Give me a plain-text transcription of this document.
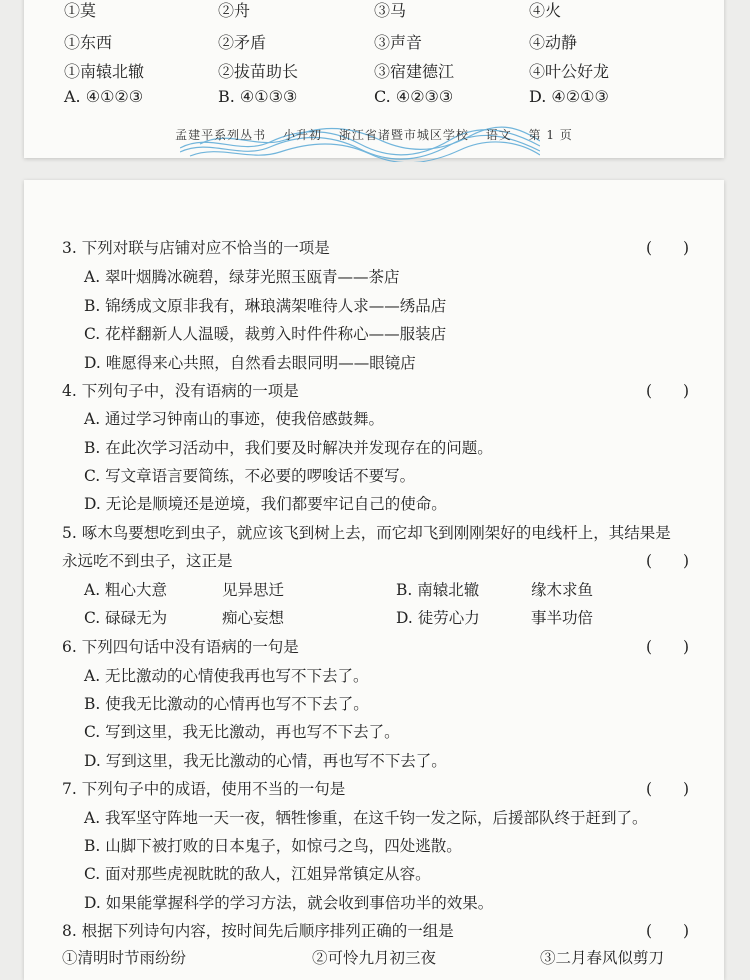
①莫	②舟	③马	④火
①东西	②矛盾	③声音	④动静
①南辕北辙	②拔苗助长	③宿建德江	④叶公好龙
A. ④①②③	B. ④①③③	C. ④②③③	D. ④②①③
孟建平系列丛书 小升初 浙江省诸暨市城区学校 语文 第 1 页
3. 下列对联与店铺对应不恰当的一项是	(　　)
A. 翠叶烟腾冰碗碧，绿芽光照玉瓯青——茶店
B. 锦绣成文原非我有，琳琅满架唯待人求——绣品店
C. 花样翻新人人温暖，裁剪入时件件称心——服装店
D. 唯愿得来心共照，自然看去眼同明——眼镜店
4. 下列句子中，没有语病的一项是	(　　)
A. 通过学习钟南山的事迹，使我倍感鼓舞。
B. 在此次学习活动中，我们要及时解决并发现存在的问题。
C. 写文章语言要简练，不必要的啰唆话不要写。
D. 无论是顺境还是逆境，我们都要牢记自己的使命。
5. 啄木鸟要想吃到虫子，就应该飞到树上去，而它却飞到刚刚架好的电线杆上，其结果是
永远吃不到虫子，这正是	(　　)
A. 粗心大意	见异思迁	B. 南辕北辙	缘木求鱼
C. 碌碌无为	痴心妄想	D. 徒劳心力	事半功倍
6. 下列四句话中没有语病的一句是	(　　)
A. 无比激动的心情使我再也写不下去了。
B. 使我无比激动的心情再也写不下去了。
C. 写到这里，我无比激动，再也写不下去了。
D. 写到这里，我无比激动的心情，再也写不下去了。
7. 下列句子中的成语，使用不当的一句是	(　　)
A. 我军坚守阵地一天一夜，牺牲惨重，在这千钧一发之际，后援部队终于赶到了。
B. 山脚下被打败的日本鬼子，如惊弓之鸟，四处逃散。
C. 面对那些虎视眈眈的敌人，江姐异常镇定从容。
D. 如果能掌握科学的学习方法，就会收到事倍功半的效果。
8. 根据下列诗句内容，按时间先后顺序排列正确的一组是	(　　)
①清明时节雨纷纷	②可怜九月初三夜	③二月春风似剪刀
